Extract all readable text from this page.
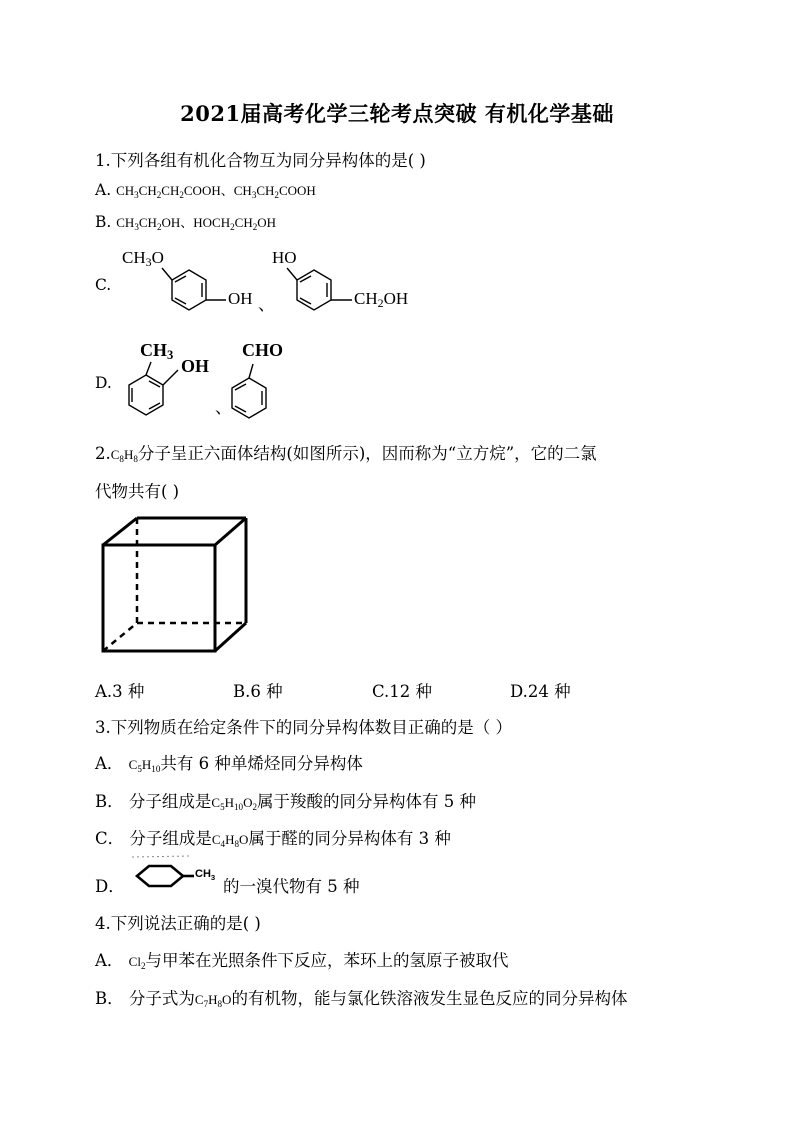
2021届高考化学三轮考点突破 有机化学基础
1.下列各组有机化合物互为同分异构体的是( )
A. $CH_3CH_2CH_2COOH$、$CH_3CH_2COOH$
B. $CH_3CH_2OH$、$HOCH_2CH_2OH$
C.
$CH_3O$
OH 、
HO
$CH_2OH$
D.
$CH_3$
OH
、
CHO
$2.C_8H_8$分子呈正六面体结构(如图所示)，因而称为“立方烷”，它的二氯
代物共有( )
A.3 种	B.6 种	C.12 种	D.24 种
3.下列物质在给定条件下的同分异构体数目正确的是（ ）
A． $C_5H_{10}$共有 6 种单烯烃同分异构体
B． 分子组成是$C_5H_{10}O_2$属于羧酸的同分异构体有 5 种
C． 分子组成是$C_4H_8O$属于醛的同分异构体有 3 种
D．
$CH_3$ 的一溴代物有 5 种
4.下列说法正确的是( )
A． $Cl_2$与甲苯在光照条件下反应，苯环上的氢原子被取代
B． 分子式为$C_7H_8O$的有机物，能与氯化铁溶液发生显色反应的同分异构体
